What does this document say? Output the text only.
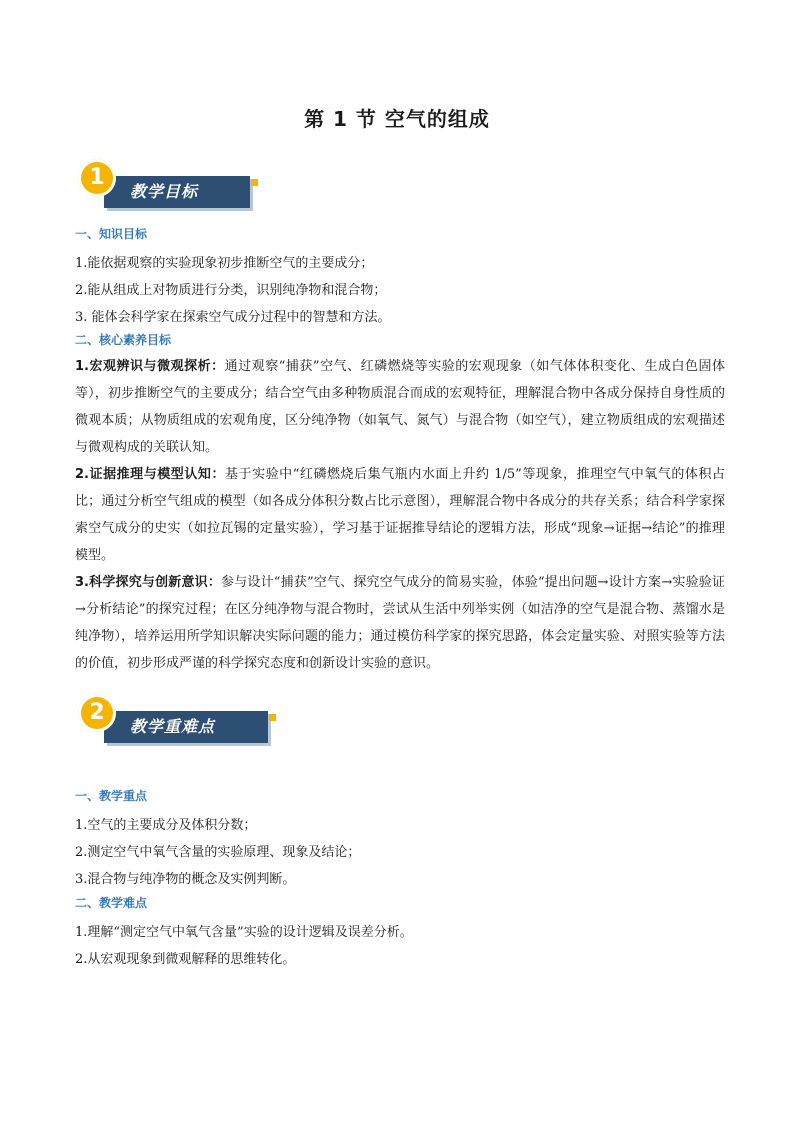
第 1 节 空气的组成
教学目标
1
一、知识目标
1.能依据观察的实验现象初步推断空气的主要成分；
2.能从组成上对物质进行分类，识别纯净物和混合物；
3. 能体会科学家在探索空气成分过程中的智慧和方法。
二、核心素养目标

1.宏观辨识与微观探析：通过观察“捕获”空气、红磷燃烧等实验的宏观现象（如气体体积变化、生成白色固体等），初步推断空气的主要成分；结合空气由多种物质混合而成的宏观特征，理解混合物中各成分保持自身性质的微观本质；从物质组成的宏观角度，区分纯净物（如氧气、氮气）与混合物（如空气），建立物质组成的宏观描述与微观构成的关联认知。

2.证据推理与模型认知：基于实验中“红磷燃烧后集气瓶内水面上升约 1/5”等现象，推理空气中氧气的体积占比；通过分析空气组成的模型（如各成分体积分数占比示意图），理解混合物中各成分的共存关系；结合科学家探索空气成分的史实（如拉瓦锡的定量实验），学习基于证据推导结论的逻辑方法，形成“现象→证据→结论”的推理模型。

3.科学探究与创新意识：参与设计“捕获”空气、探究空气成分的简易实验，体验“提出问题→设计方案→实验验证→分析结论”的探究过程；在区分纯净物与混合物时，尝试从生活中列举实例（如洁净的空气是混合物、蒸馏水是纯净物），培养运用所学知识解决实际问题的能力；通过模仿科学家的探究思路，体会定量实验、对照实验等方法的价值，初步形成严谨的科学探究态度和创新设计实验的意识。

教学重难点
2
一、教学重点
1.空气的主要成分及体积分数；
2.测定空气中氧气含量的实验原理、现象及结论；
3.混合物与纯净物的概念及实例判断。
二、教学难点
1.理解“测定空气中氧气含量”实验的设计逻辑及误差分析。
2.从宏观现象到微观解释的思维转化。
